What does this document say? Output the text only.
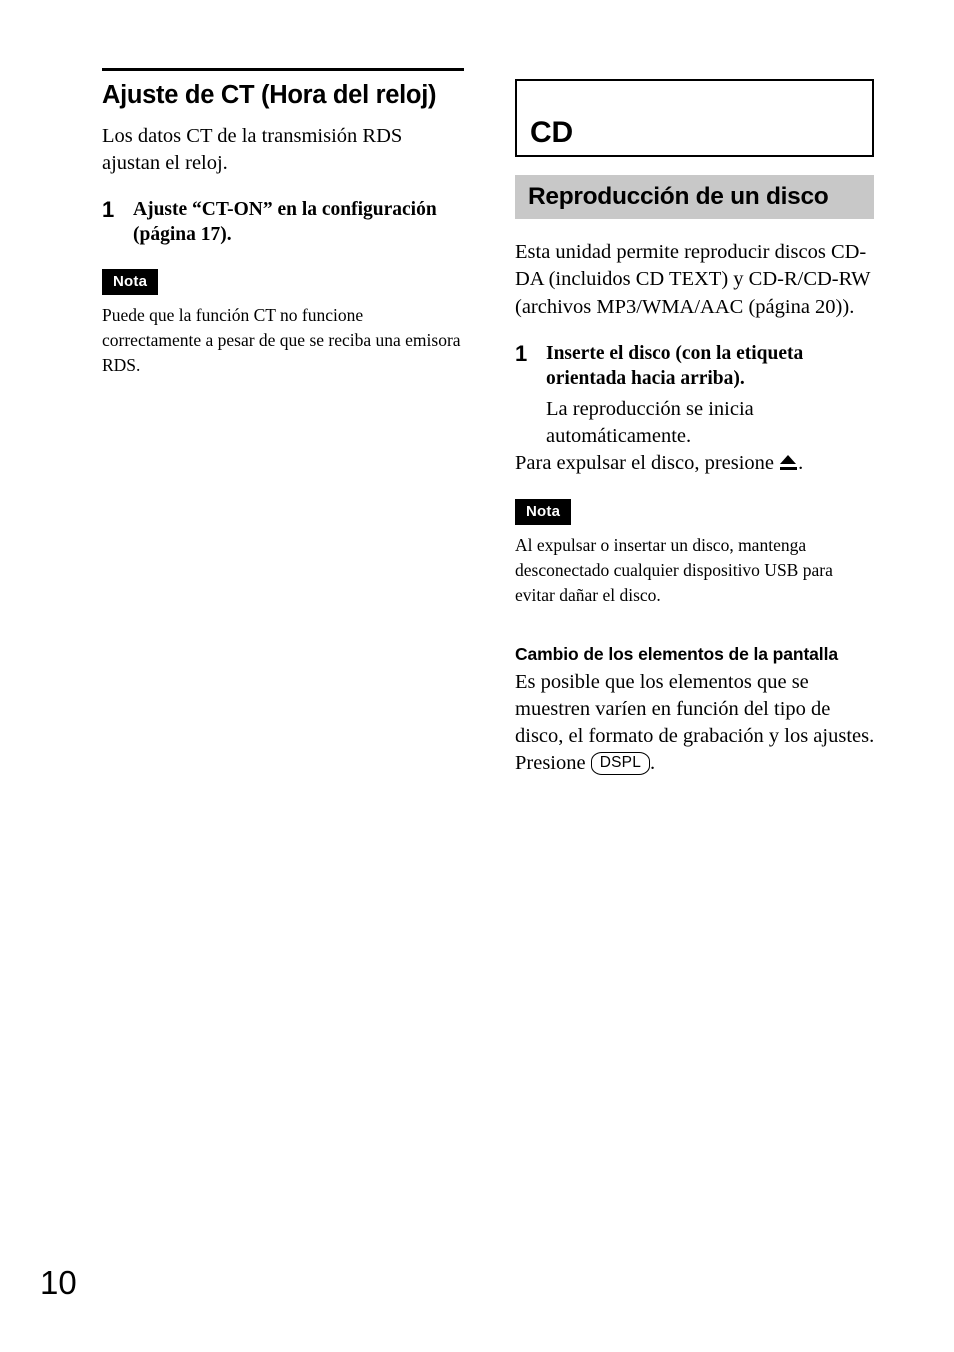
Ajuste de CT (Hora del reloj)

Los datos CT de la transmisión RDS ajustan el reloj.

1 Ajuste “CT-ON” en la configuración (página 17).
Nota

Puede que la función CT no funcione correctamente a pesar de que se reciba una emisora RDS.

CD
Reproducción de un disco

Esta unidad permite reproducir discos CD-DA (incluidos CD TEXT) y CD-R/CD-RW (archivos MP3/WMA/AAC (página 20)).

1 Inserte el disco (con la etiqueta orientada hacia arriba).
La reproducción se inicia automáticamente.

Para expulsar el disco, presione
.

Nota

Al expulsar o insertar un disco, mantenga desconectado cualquier dispositivo USB para evitar dañar el disco.

Cambio de los elementos de la pantalla

Es posible que los elementos que se muestren varíen en función del tipo de disco, el formato de grabación y los ajustes. Presione DSPL .

10
